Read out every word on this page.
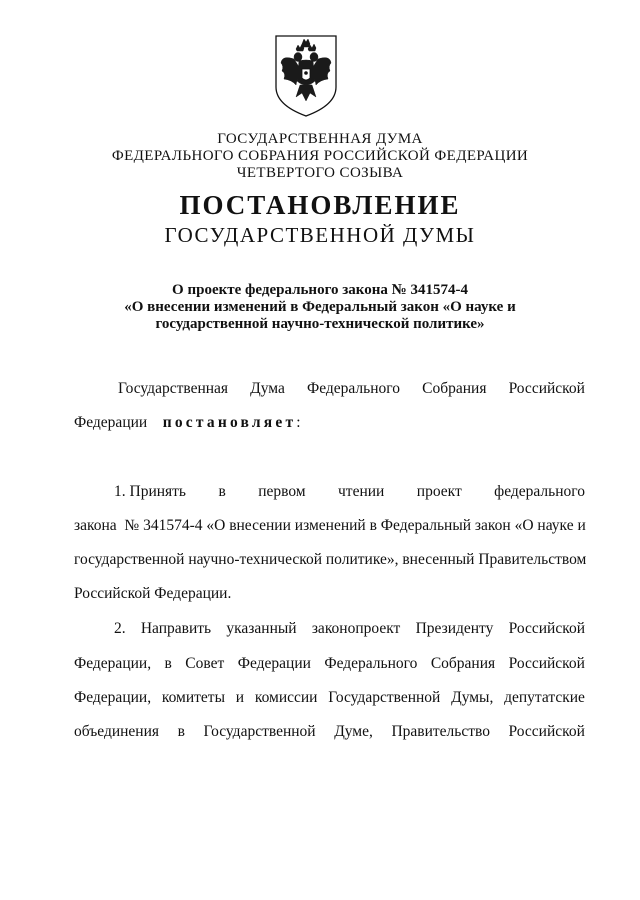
ГОСУДАРСТВЕННАЯ ДУМА
ФЕДЕРАЛЬНОГО СОБРАНИЯ РОССИЙСКОЙ ФЕДЕРАЦИИ
ЧЕТВЕРТОГО СОЗЫВА
ПОСТАНОВЛЕНИЕ
ГОСУДАРСТВЕННОЙ ДУМЫ
О проекте федерального закона № 341574-4
«О внесении изменений в Федеральный закон «О науке и
государственной научно-технической политике»
Государственная Дума Федерального Собрания Российской
Федерации постановляет:
1. Принять в первом чтении проект федерального
закона  № 341574-4 «О внесении изменений в Федеральный закон «О науке и
государственной научно-технической политике», внесенный Правительством
Российской Федерации.
2. Направить указанный законопроект Президенту Российской
Федерации, в Совет Федерации Федерального Собрания Российской
Федерации, комитеты и комиссии Государственной Думы, депутатские
объединения в Государственной Думе, Правительство Российской
